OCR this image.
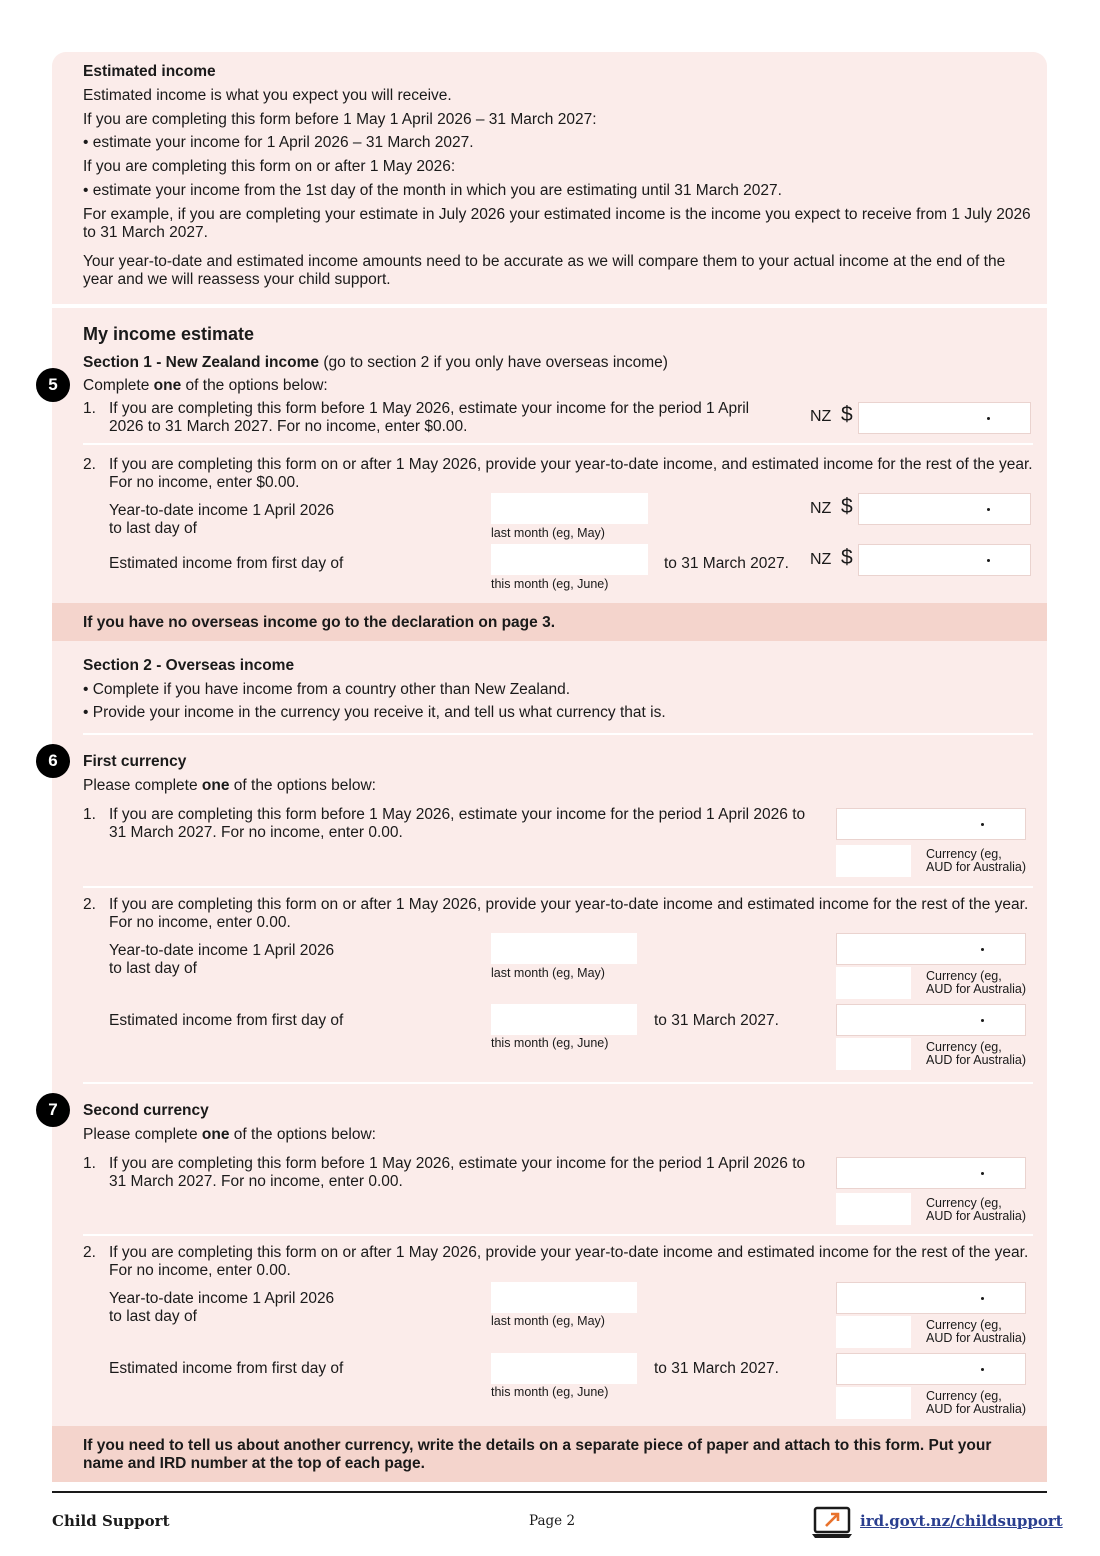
Estimated income
Estimated income is what you expect you will receive.
If you are completing this form before 1 May 1 April 2026 – 31 March 2027:
• estimate your income for 1 April 2026 – 31 March 2027.
If you are completing this form on or after 1 May 2026:
• estimate your income from the 1st day of the month in which you are estimating until 31 March 2027.
For example, if you are completing your estimate in July 2026 your estimated income is the income you expect to receive from 1 July 2026 to 31 March 2027.
Your year-to-date and estimated income amounts need to be accurate as we will compare them to your actual income at the end of the year and we will reassess your child support.
My income estimate
Section 1 - New Zealand income (go to section 2 if you only have overseas income)
5	Complete one of the options below:
1. If you are completing this form before 1 May 2026, estimate your income for the period 1 April 2026 to 31 March 2027. For no income, enter $0.00.
NZ $
2. If you are completing this form on or after 1 May 2026, provide your year-to-date income, and estimated income for the rest of the year. For no income, enter $0.00.
Year-to-date income 1 April 2026
to last day of	last month (eg, May)
NZ $
Estimated income from first day of
this month (eg, June)
to 31 March 2027. NZ $
If you have no overseas income go to the declaration on page 3.
Section 2 - Overseas income
• Complete if you have income from a country other than New Zealand.
• Provide your income in the currency you receive it, and tell us what currency that is.
6	First currency
Please complete one of the options below:
1. If you are completing this form before 1 May 2026, estimate your income for the period 1 April 2026 to 31 March 2027. For no income, enter 0.00.
Currency (eg,
AUD for Australia)
2. If you are completing this form on or after 1 May 2026, provide your year-to-date income and estimated income for the rest of the year. For no income, enter 0.00.
Year-to-date income 1 April 2026
to last day of	last month (eg, May)	Currency (eg,
AUD for Australia)
Estimated income from first day of
this month (eg, June)
to 31 March 2027.
Currency (eg,
AUD for Australia)
7	Second currency
Please complete one of the options below:
1. If you are completing this form before 1 May 2026, estimate your income for the period 1 April 2026 to 31 March 2027. For no income, enter 0.00.
Currency (eg,
AUD for Australia)
2. If you are completing this form on or after 1 May 2026, provide your year-to-date income and estimated income for the rest of the year. For no income, enter 0.00.
Year-to-date income 1 April 2026
to last day of	last month (eg, May)	Currency (eg,
AUD for Australia)
Estimated income from first day of
this month (eg, June)
to 31 March 2027.
Currency (eg,
AUD for Australia)
If you need to tell us about another currency, write the details on a separate piece of paper and attach to this form. Put your name and IRD number at the top of each page.
Child Support	Page 2	ird.govt.nz/childsupport
